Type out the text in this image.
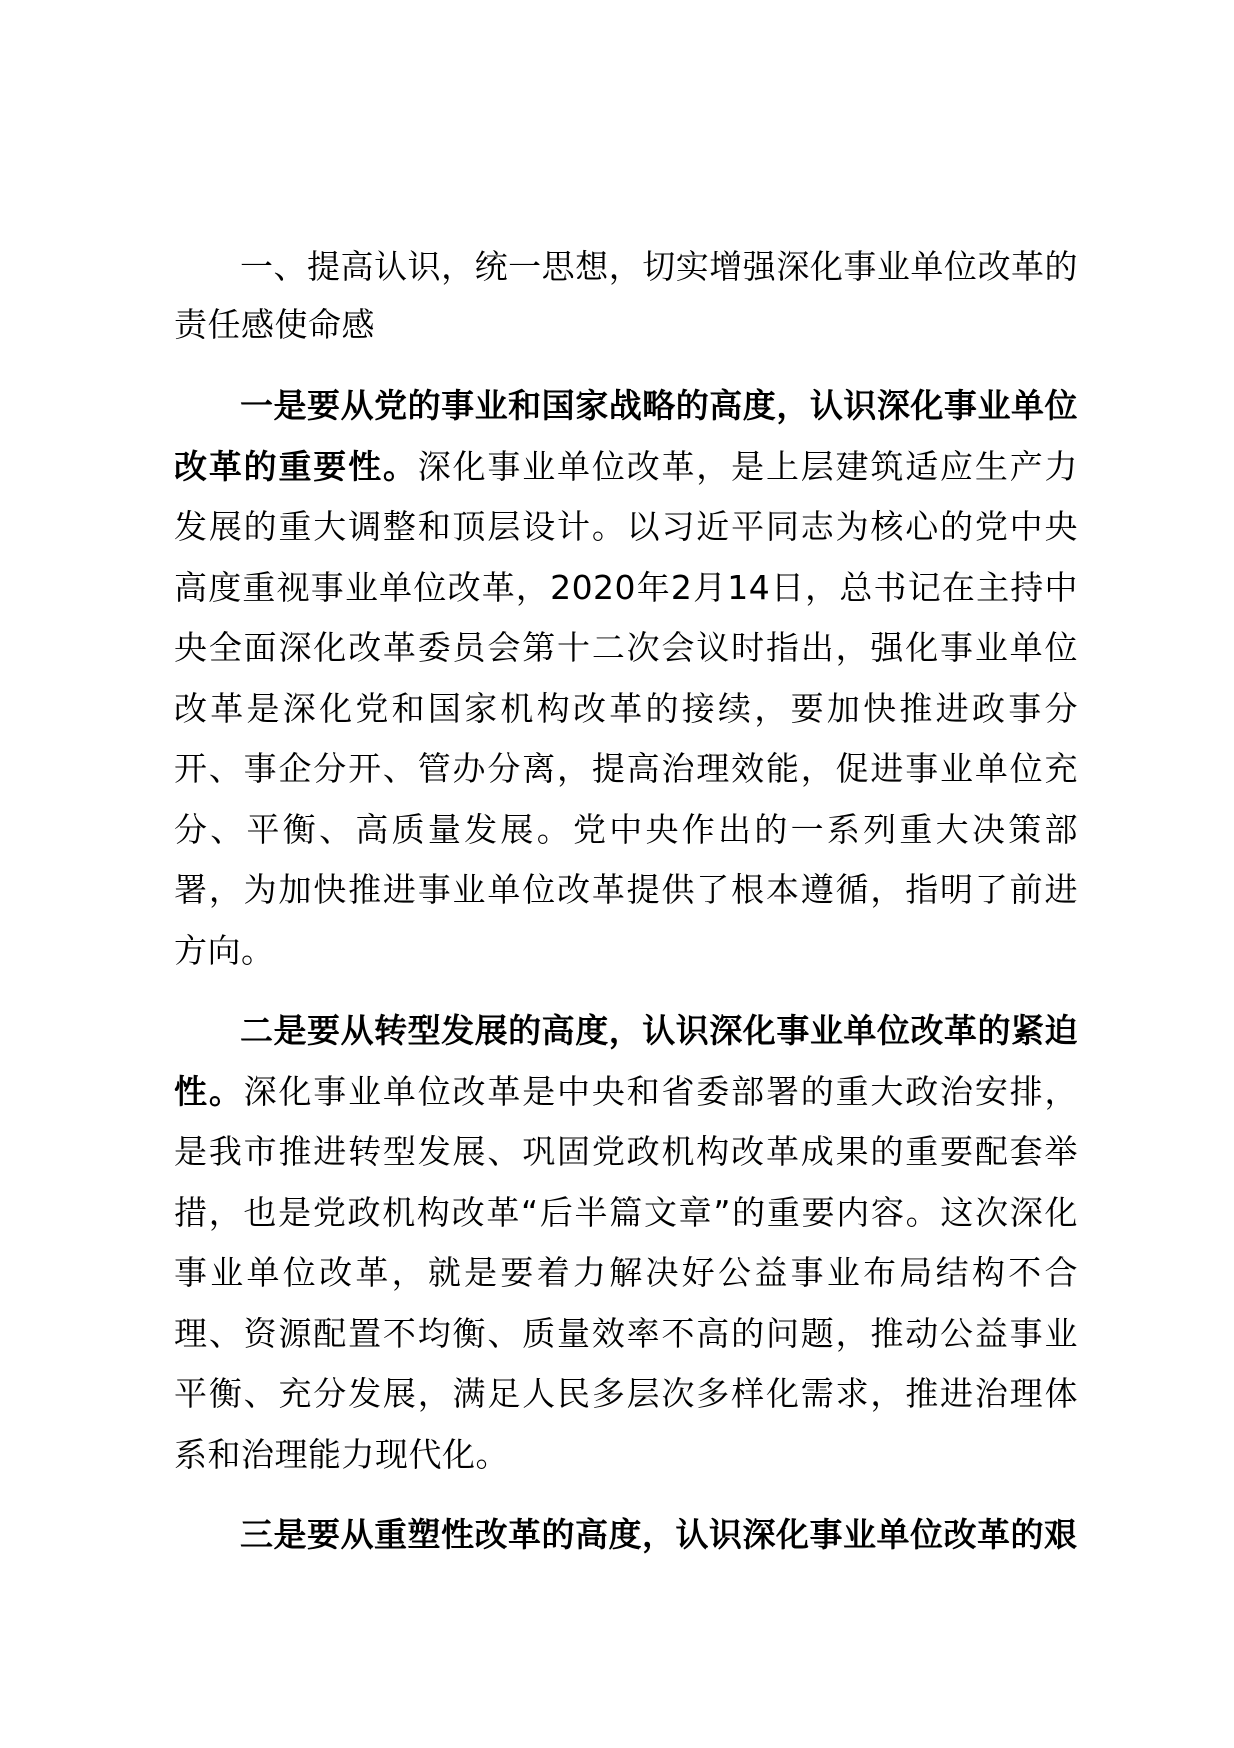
一、提高认识，统一思想，切实增强深化事业单位改革的责任感使命感

一是要从党的事业和国家战略的高度，认识深化事业单位改革的重要性。深化事业单位改革，是上层建筑适应生产力发展的重大调整和顶层设计。以习近平同志为核心的党中央高度重视事业单位改革，2020年2月14日，总书记在主持中央全面深化改革委员会第十二次会议时指出，强化事业单位改革是深化党和国家机构改革的接续，要加快推进政事分开、事企分开、管办分离，提高治理效能，促进事业单位充分、平衡、高质量发展。党中央作出的一系列重大决策部署，为加快推进事业单位改革提供了根本遵循，指明了前进方向。

二是要从转型发展的高度，认识深化事业单位改革的紧迫性。深化事业单位改革是中央和省委部署的重大政治安排，是我市推进转型发展、巩固党政机构改革成果的重要配套举措，也是党政机构改革“后半篇文章”的重要内容。这次深化事业单位改革，就是要着力解决好公益事业布局结构不合理、资源配置不均衡、质量效率不高的问题，推动公益事业平衡、充分发展，满足人民多层次多样化需求，推进治理体系和治理能力现代化。

三是要从重塑性改革的高度，认识深化事业单位改革的艰
